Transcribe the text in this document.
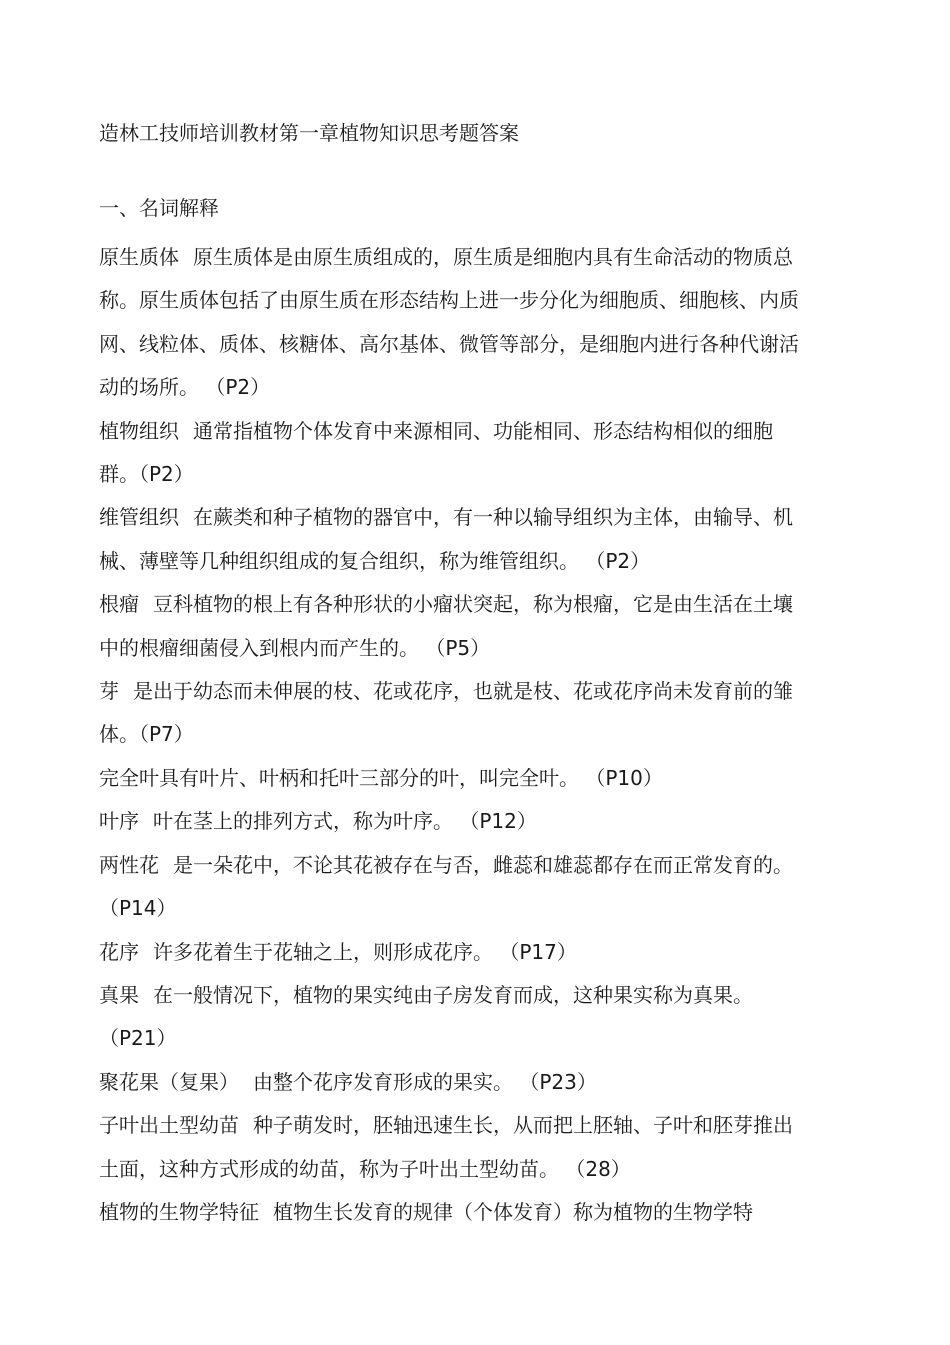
造林工技师培训教材第一章植物知识思考题答案
一、名词解释

原生质体 原生质体是由原生质组成的，原生质是细胞内具有生命活动的物质总称。原生质体包括了由原生质在形态结构上进一步分化为细胞质、细胞核、内质网、线粒体、质体、核糖体、高尔基体、微管等部分，是细胞内进行各种代谢活动的场所。 （P2）

植物组织 通常指植物个体发育中来源相同、功能相同、形态结构相似的细胞群。（P2）

维管组织 在蕨类和种子植物的器官中，有一种以输导组织为主体，由输导、机械、薄壁等几种组织组成的复合组织，称为维管组织。 （P2）

根瘤 豆科植物的根上有各种形状的小瘤状突起，称为根瘤，它是由生活在土壤中的根瘤细菌侵入到根内而产生的。 （P5）

芽 是出于幼态而未伸展的枝、花或花序，也就是枝、花或花序尚未发育前的雏体。（P7）

完全叶具有叶片、叶柄和托叶三部分的叶，叫完全叶。 （P10）

叶序 叶在茎上的排列方式，称为叶序。 （P12）

两性花 是一朵花中，不论其花被存在与否，雌蕊和雄蕊都存在而正常发育的。（P14）

花序 许多花着生于花轴之上，则形成花序。 （P17）

真果 在一般情况下，植物的果实纯由子房发育而成，这种果实称为真果。（P21）

聚花果（复果） 由整个花序发育形成的果实。 （P23）

子叶出土型幼苗 种子萌发时，胚轴迅速生长，从而把上胚轴、子叶和胚芽推出土面，这种方式形成的幼苗，称为子叶出土型幼苗。 （28）

植物的生物学特征 植物生长发育的规律（个体发育）称为植物的生物学特
